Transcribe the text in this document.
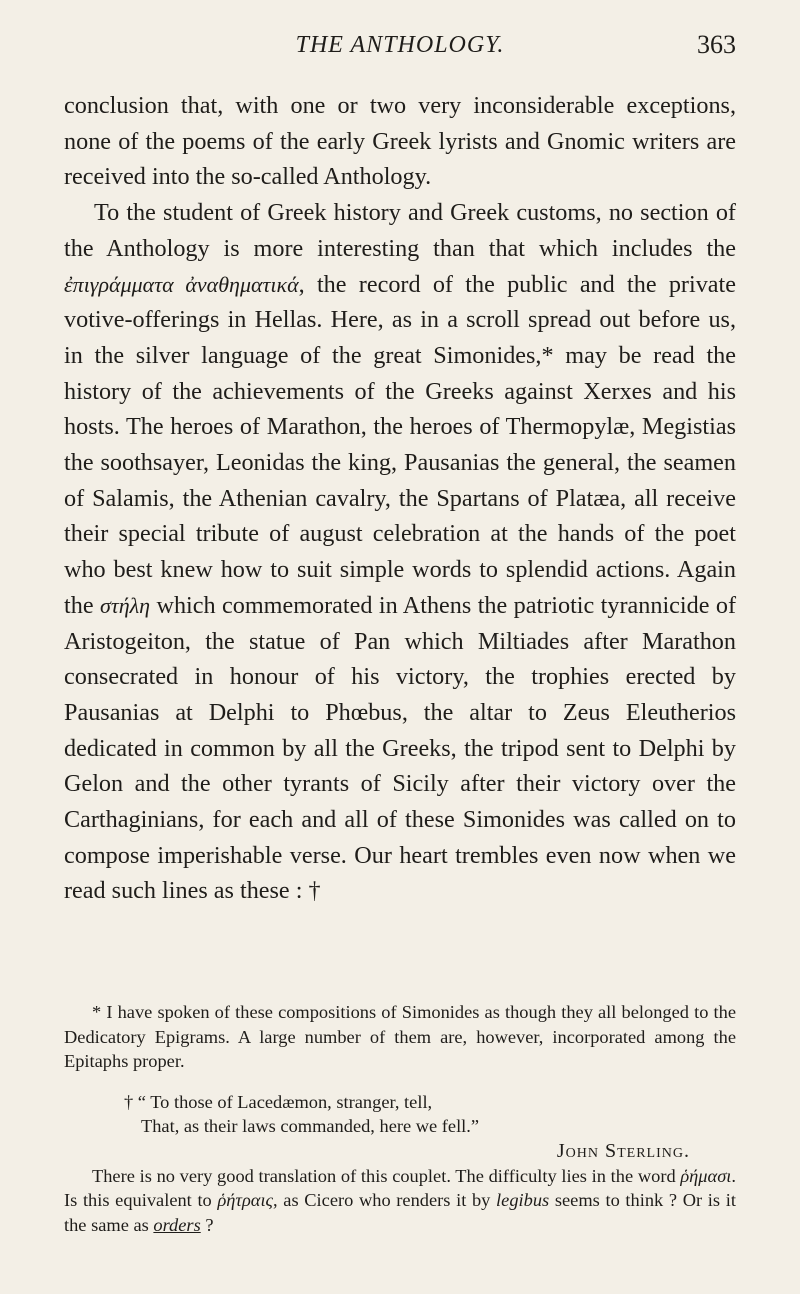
THE ANTHOLOGY.	363

conclusion that, with one or two very inconsiderable exceptions, none of the poems of the early Greek lyrists and Gnomic writers are received into the so-called Anthology.

To the student of Greek history and Greek customs, no section of the Anthology is more interesting than that which includes the ἐπιγράμματα ἀναθηματικά, the record of the public and the private votive-offerings in Hellas. Here, as in a scroll spread out before us, in the silver language of the great Simonides,* may be read the history of the achievements of the Greeks against Xerxes and his hosts. The heroes of Marathon, the heroes of Thermopylæ, Megistias the soothsayer, Leonidas the king, Pausanias the general, the seamen of Salamis, the Athenian cavalry, the Spartans of Platæa, all receive their special tribute of august celebration at the hands of the poet who best knew how to suit simple words to splendid actions. Again the στήλη which commemorated in Athens the patriotic tyrannicide of Aristogeiton, the statue of Pan which Miltiades after Marathon consecrated in honour of his victory, the trophies erected by Pausanias at Delphi to Phœbus, the altar to Zeus Eleutherios dedicated in common by all the Greeks, the tripod sent to Delphi by Gelon and the other tyrants of Sicily after their victory over the Carthaginians, for each and all of these Simonides was called on to compose imperishable verse. Our heart trembles even now when we read such lines as these : †

* I have spoken of these compositions of Simonides as though they all belonged to the Dedicatory Epigrams. A large number of them are, however, incorporated among the Epitaphs proper.

† “ To those of Lacedæmon, stranger, tell,
That, as their laws commanded, here we fell.”

John Sterling.

There is no very good translation of this couplet. The difficulty lies in the word ῥήμασι. Is this equivalent to ῥήτραις, as Cicero who renders it by legibus seems to think ? Or is it the same as orders ?
